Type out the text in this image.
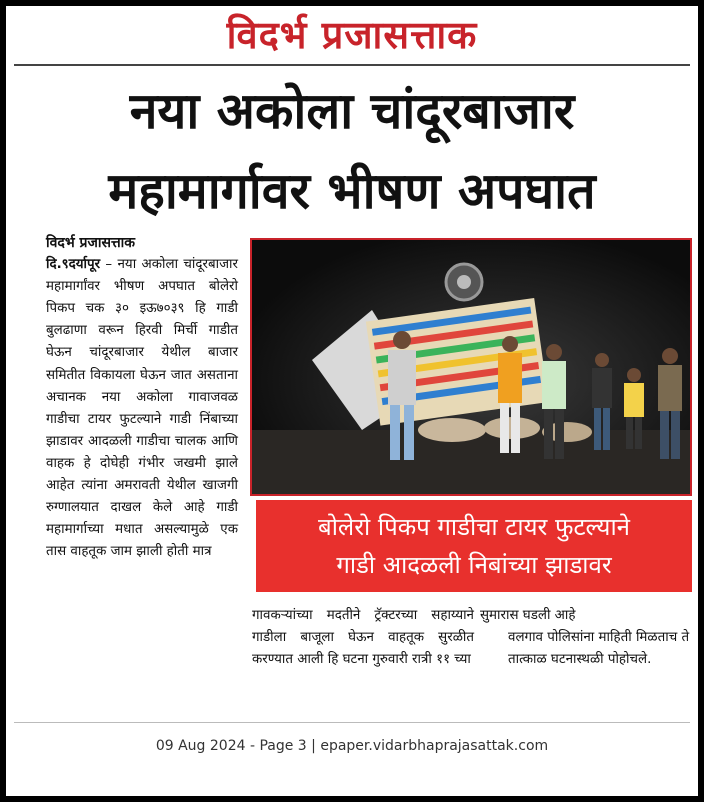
विदर्भ प्रजासत्ताक
नया अकोला चांदूरबाजार
महामार्गावर भीषण अपघात
विदर्भ प्रजासत्ताक
दि.९दर्यापूर – नया अकोला चांदूरबाजार महामार्गांवर भीषण अपघात बोलेरो पिकप चक ३० इऊ७०३९ हि गाडी बुलढाणा वरून हिरवी मिर्ची गाडीत घेऊन चांदूरबाजार येथील बाजार समितीत विकायला घेऊन जात असताना अचानक नया अकोला गावाजवळ गाडीचा टायर फुटल्याने गाडी निंबाच्या झाडावर आदळली गाडीचा चालक आणि वाहक हे दोघेही गंभीर जखमी झाले आहेत त्यांना अमरावती येथील खाजगी रुग्णालयात दाखल केले आहे गाडी महामार्गाच्या मधात असल्यामुळे एक तास वाहतूक जाम झाली होती मात्र
बोलेरो पिकप गाडीचा टायर फुटल्याने
गाडी आदळली निबांच्या झाडावर
गावकऱ्यांच्या मदतीने ट्रॅक्टरच्या सहाय्याने गाडीला बाजूला घेऊन वाहतूक सुरळीत करण्यात आली हि घटना गुरुवारी रात्री ११ च्या
सुमारास घडली आहे
वलगाव पोलिसांना माहिती मिळताच ते तात्काळ घटनास्थळी पोहोचले.
09 Aug 2024 - Page 3 | epaper.vidarbhaprajasattak.com
